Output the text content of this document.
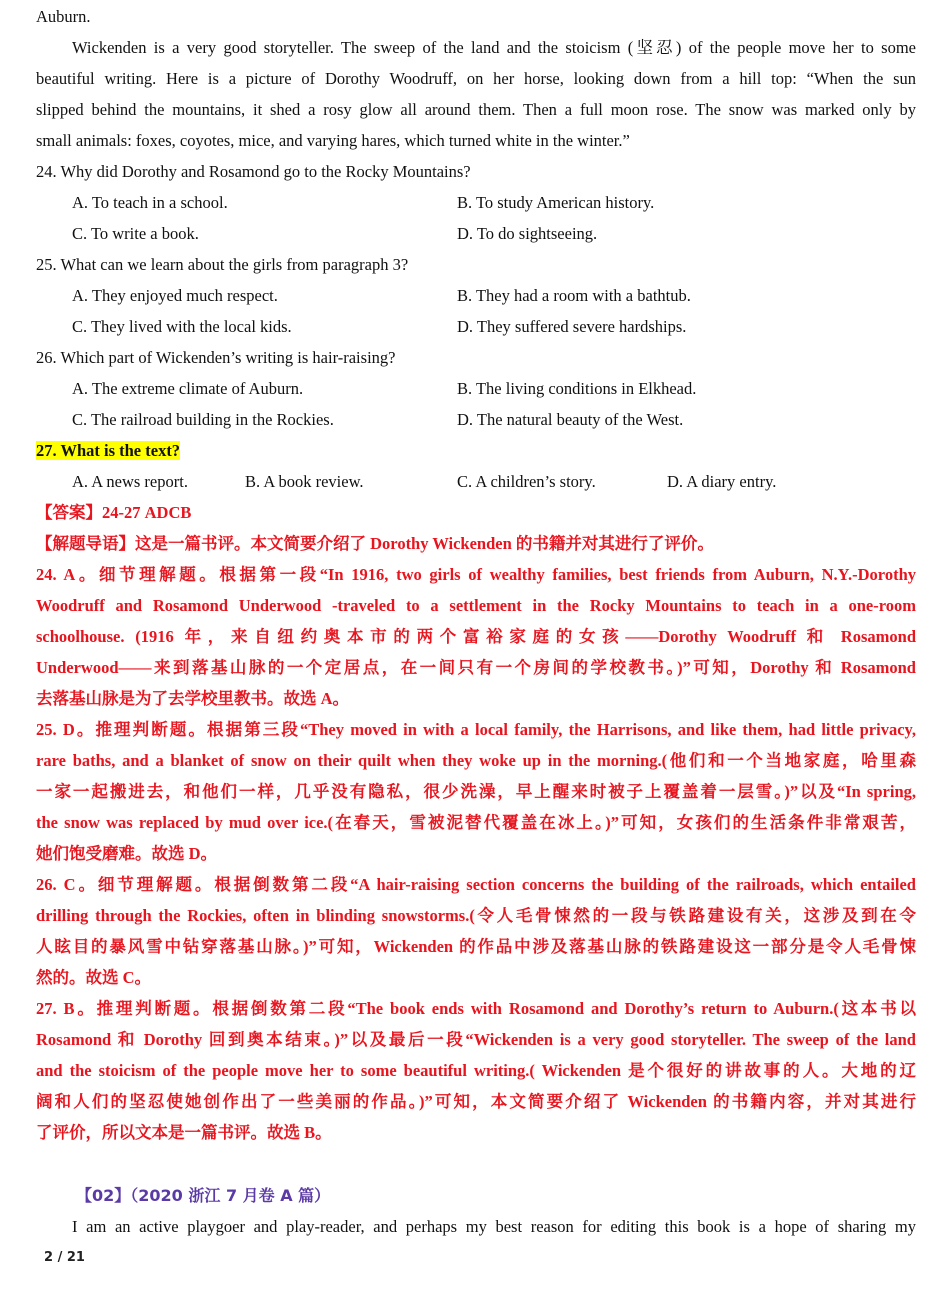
Auburn.
Wickenden is a very good storyteller. The sweep of the land and the stoicism (坚忍) of the people move her to some
beautiful writing. Here is a picture of Dorothy Woodruff, on her horse, looking down from a hill top: “When the sun
slipped behind the mountains, it shed a rosy glow all around them. Then a full moon rose. The snow was marked only by
small animals: foxes, coyotes, mice, and varying hares, which turned white in the winter.”
24. Why did Dorothy and Rosamond go to the Rocky Mountains?
A. To teach in a school.	B. To study American history.
C. To write a book.	D. To do sightseeing.
25. What can we learn about the girls from paragraph 3?
A. They enjoyed much respect.	B. They had a room with a bathtub.
C. They lived with the local kids.	D. They suffered severe hardships.
26. Which part of Wickenden’s writing is hair-raising?
A. The extreme climate of Auburn.	B. The living conditions in Elkhead.
C. The railroad building in the Rockies.	D. The natural beauty of the West.
27. What is the text?
A. A news report.	B. A book review.	C. A children’s story.	D. A diary entry.
【答案】24-27 ADCB
【解题导语】这是一篇书评。本文简要介绍了 Dorothy Wickenden 的书籍并对其进行了评价。
24. A。细节理解题。根据第一段“In 1916, two girls of wealthy families, best friends from Auburn, N.Y.-Dorothy
Woodruff and Rosamond Underwood -traveled to a settlement in the Rocky Mountains to teach in a one-room
schoolhouse. (1916 年，来自纽约奥本市的两个富裕家庭的女孩——Dorothy Woodruff 和 Rosamond
Underwood——来到落基山脉的一个定居点，在一间只有一个房间的学校教书。)”可知，Dorothy 和 Rosamond
去落基山脉是为了去学校里教书。故选 A。
25. D。推理判断题。根据第三段“They moved in with a local family, the Harrisons, and like them, had little privacy,
rare baths, and a blanket of snow on their quilt when they woke up in the morning.(他们和一个当地家庭，哈里森
一家一起搬进去，和他们一样，几乎没有隐私，很少洗澡，早上醒来时被子上覆盖着一层雪。)”以及“In spring,
the snow was replaced by mud over ice.(在春天，雪被泥替代覆盖在冰上。)”可知，女孩们的生活条件非常艰苦，
她们饱受磨难。故选 D。
26. C。细节理解题。根据倒数第二段“A hair-raising section concerns the building of the railroads, which entailed
drilling through the Rockies, often in blinding snowstorms.(令人毛骨悚然的一段与铁路建设有关，这涉及到在令
人眩目的暴风雪中钻穿落基山脉。)”可知，Wickenden 的作品中涉及落基山脉的铁路建设这一部分是令人毛骨悚
然的。故选 C。
27. B。推理判断题。根据倒数第二段“The book ends with Rosamond and Dorothy’s return to Auburn.(这本书以
Rosamond 和 Dorothy 回到奥本结束。)”以及最后一段“Wickenden is a very good storyteller. The sweep of the land
and the stoicism of the people move her to some beautiful writing.( Wickenden 是个很好的讲故事的人。大地的辽
阔和人们的坚忍使她创作出了一些美丽的作品。)”可知，本文简要介绍了 Wickenden 的书籍内容，并对其进行
了评价，所以文本是一篇书评。故选 B。
【02】（2020 浙江 7 月卷 A 篇）
I am an active playgoer and play-reader, and perhaps my best reason for editing this book is a hope of sharing my
2 / 21
